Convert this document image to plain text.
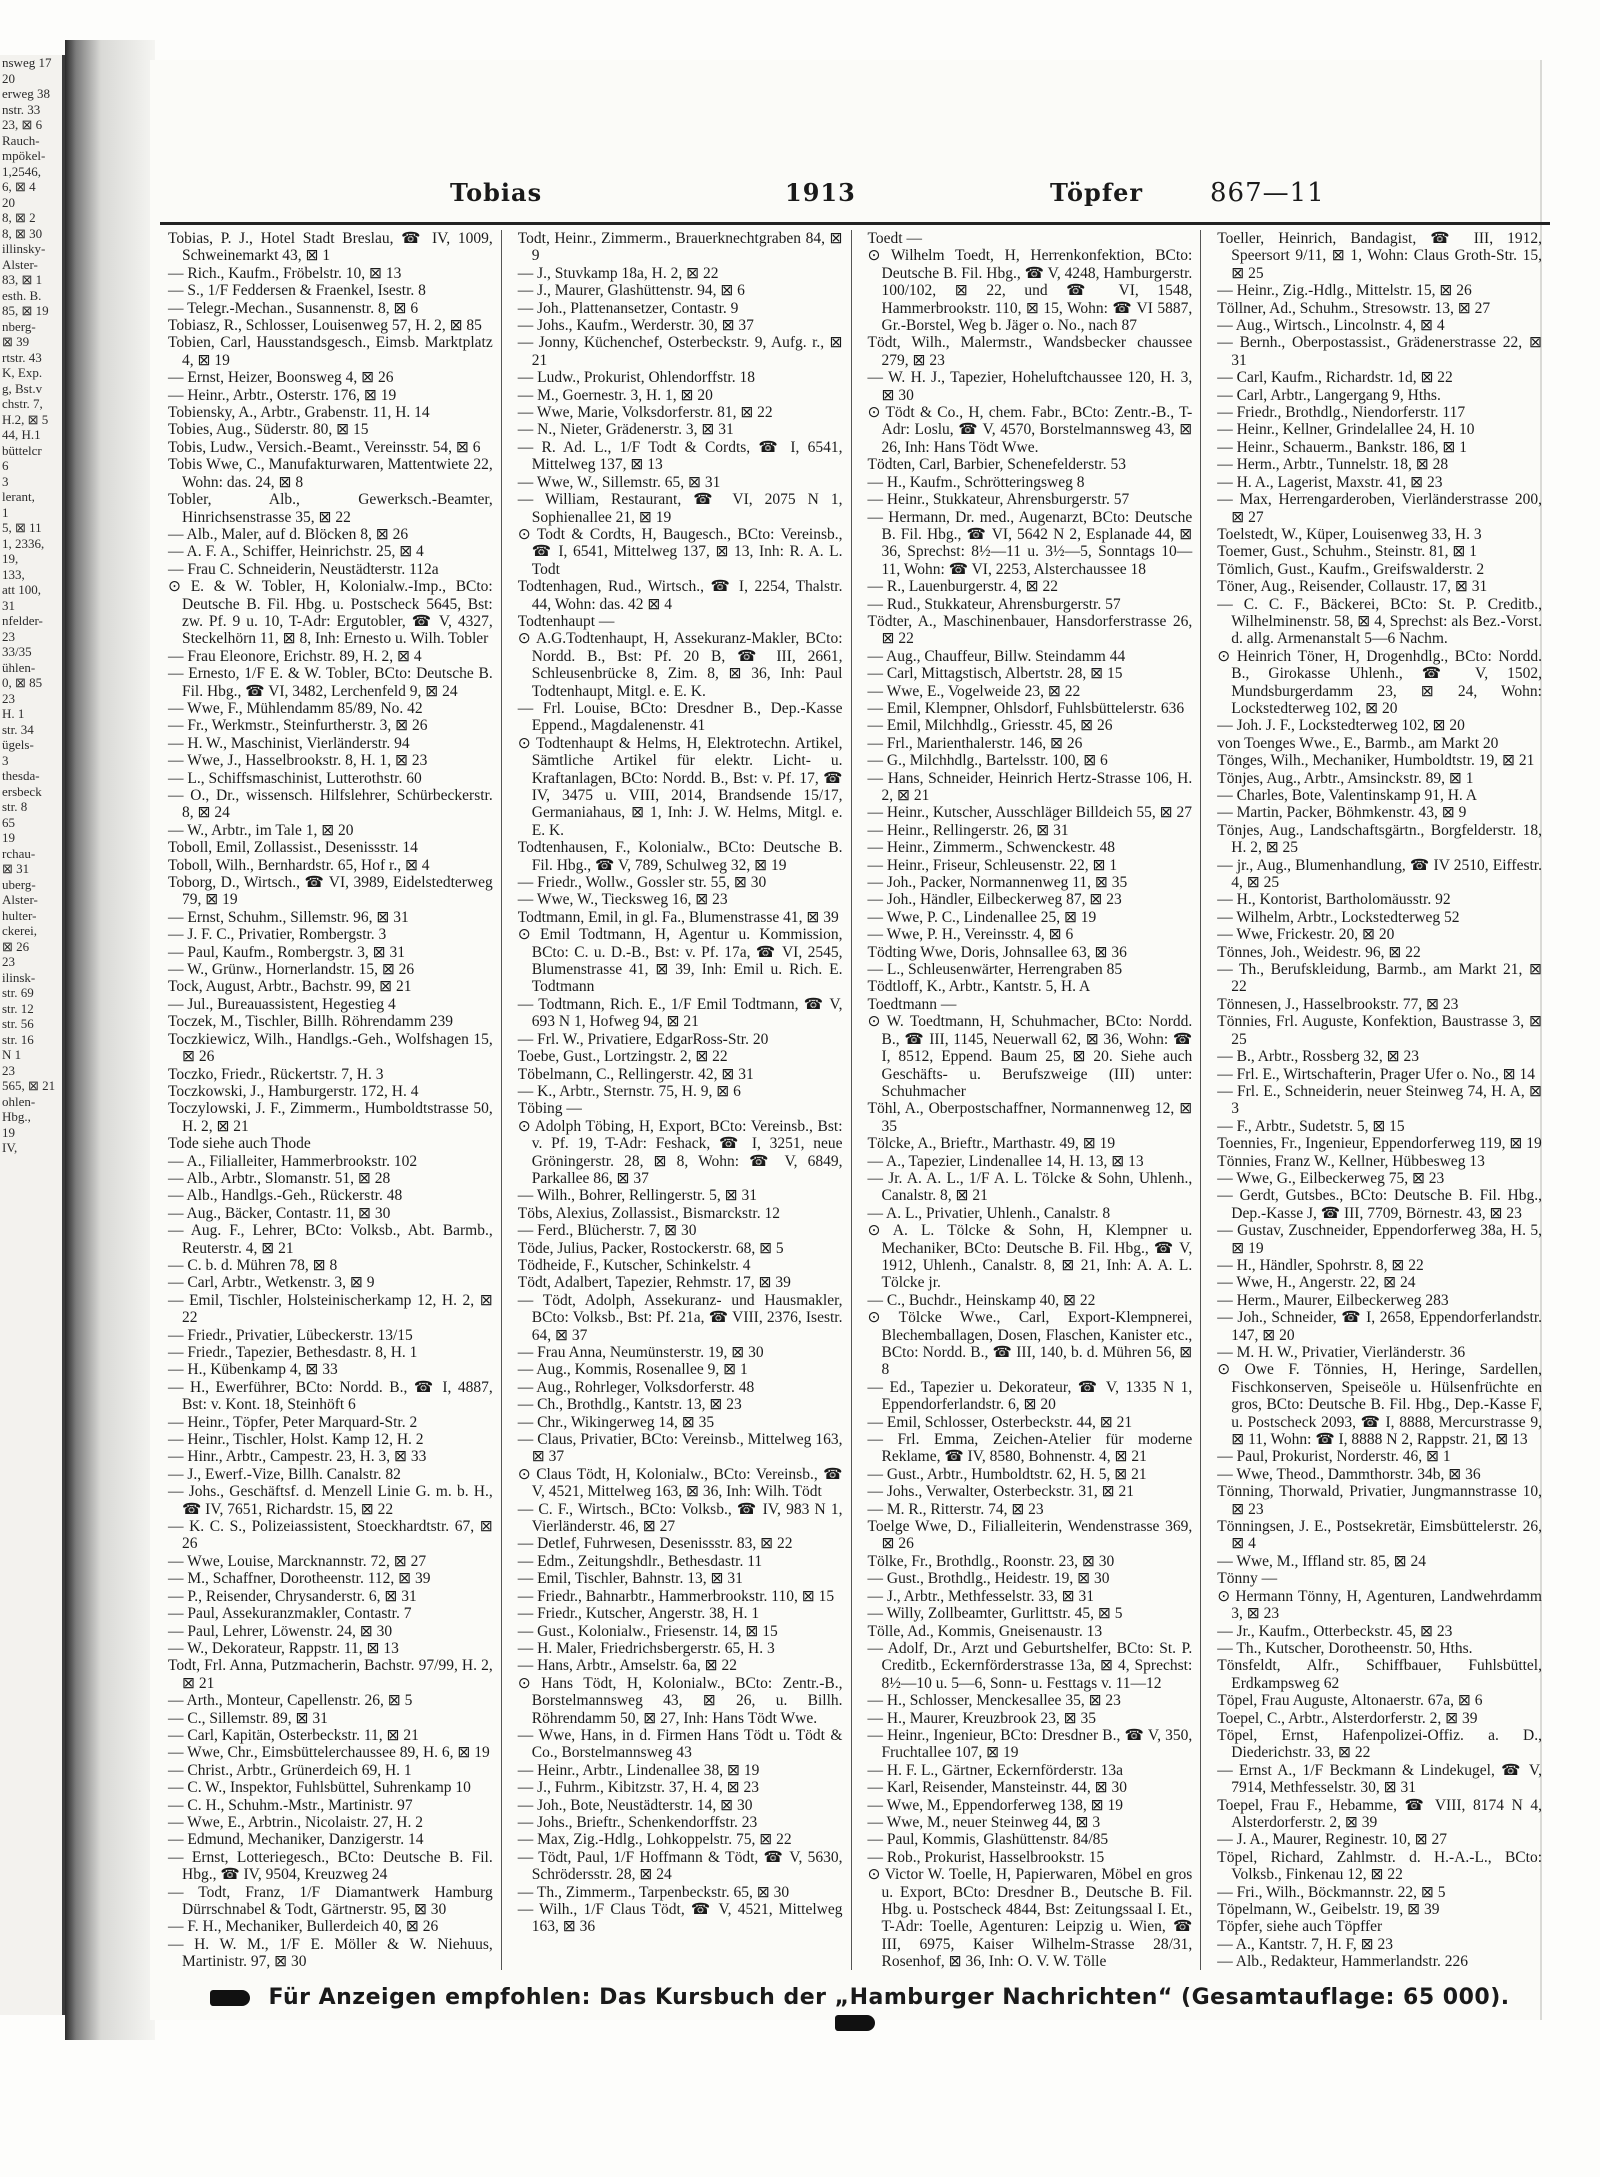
nsweg 17
20
erweg 38
nstr. 33
23, ⊠ 6
Rauch-
mpökel-
1,2546,
6, ⊠ 4
20
8, ⊠ 2
8, ⊠ 30
illinsky-
Alster-
83, ⊠ 1
esth. B.
85, ⊠ 19
nberg-
⊠ 39
rtstr. 43
K, Exp.
g, Bst.v
chstr. 7,
H.2, ⊠ 5
44, H.1
büttelcr
6
3
lerant,
1
5, ⊠ 11
1, 2336,
19,
133,
att 100,
31
nfelder-
23
33/35
ühlen-
0, ⊠ 85
23
H. 1
str. 34
ügels-
3
thesda-
ersbeck
str. 8
65
19
rchau-
⊠ 31
uberg-
Alster-
hulter-
ckerei,
⊠ 26
23
ilinsk-
str. 69
str. 12
str. 56
str. 16
N 1
23
565, ⊠ 21
ohlen-
Hbg.,
19
IV,
Tobias	1913	Töpfer	867—11
Tobias, P. J., Hotel Stadt Breslau, ☎ IV, 1009, Schweinemarkt 43, ⊠ 1
— Rich., Kaufm., Fröbelstr. 10, ⊠ 13
— S., 1/F Feddersen & Fraenkel, Isestr. 8
— Telegr.-Mechan., Susannenstr. 8, ⊠ 6
Tobiasz, R., Schlosser, Louisenweg 57, H. 2, ⊠ 85
Tobien, Carl, Hausstandsgesch., Eimsb. Marktplatz 4, ⊠ 19
— Ernst, Heizer, Boonsweg 4, ⊠ 26
— Heinr., Arbtr., Osterstr. 176, ⊠ 19
Tobiensky, A., Arbtr., Grabenstr. 11, H. 14
Tobies, Aug., Süderstr. 80, ⊠ 15
Tobis, Ludw., Versich.-Beamt., Vereinsstr. 54, ⊠ 6
Tobis Wwe, C., Manufakturwaren, Mattentwiete 22, Wohn: das. 24, ⊠ 8
Tobler, Alb., Gewerksch.-Beamter, Hinrichsenstrasse 35, ⊠ 22
— Alb., Maler, auf d. Blöcken 8, ⊠ 26
— A. F. A., Schiffer, Heinrichstr. 25, ⊠ 4
— Frau C. Schneiderin, Neustädterstr. 112a
⊙ E. & W. Tobler, H, Kolonialw.-Imp., BCto: Deutsche B. Fil. Hbg. u. Postscheck 5645, Bst: zw. Pf. 9 u. 10, T-Adr: Ergutobler, ☎ V, 4327, Steckelhörn 11, ⊠ 8, Inh: Ernesto u. Wilh. Tobler
— Frau Eleonore, Erichstr. 89, H. 2, ⊠ 4
— Ernesto, 1/F E. & W. Tobler, BCto: Deutsche B. Fil. Hbg., ☎ VI, 3482, Lerchenfeld 9, ⊠ 24
— Wwe, F., Mühlendamm 85/89, No. 42
— Fr., Werkmstr., Steinfurtherstr. 3, ⊠ 26
— H. W., Maschinist, Vierländerstr. 94
— Wwe, J., Hasselbrookstr. 8, H. 1, ⊠ 23
— L., Schiffsmaschinist, Lutterothstr. 60
— O., Dr., wissensch. Hilfslehrer, Schürbeckerstr. 8, ⊠ 24
— W., Arbtr., im Tale 1, ⊠ 20
Toboll, Emil, Zollassist., Desenissstr. 14
Toboll, Wilh., Bernhardstr. 65, Hof r., ⊠ 4
Toborg, D., Wirtsch., ☎ VI, 3989, Eidelstedterweg 79, ⊠ 19
— Ernst, Schuhm., Sillemstr. 96, ⊠ 31
— J. F. C., Privatier, Rombergstr. 3
— Paul, Kaufm., Rombergstr. 3, ⊠ 31
— W., Grünw., Hornerlandstr. 15, ⊠ 26
Tock, August, Arbtr., Bachstr. 99, ⊠ 21
— Jul., Bureauassistent, Hegestieg 4
Toczek, M., Tischler, Billh. Röhrendamm 239
Toczkiewicz, Wilh., Handlgs.-Geh., Wolfshagen 15, ⊠ 26
Toczko, Friedr., Rückertstr. 7, H. 3
Toczkowski, J., Hamburgerstr. 172, H. 4
Toczylowski, J. F., Zimmerm., Humboldtstrasse 50, H. 2, ⊠ 21
Tode siehe auch Thode
— A., Filialleiter, Hammerbrookstr. 102
— Alb., Arbtr., Slomanstr. 51, ⊠ 28
— Alb., Handlgs.-Geh., Rückerstr. 48
— Aug., Bäcker, Contastr. 11, ⊠ 30
— Aug. F., Lehrer, BCto: Volksb., Abt. Barmb., Reuterstr. 4, ⊠ 21
— C. b. d. Mühren 78, ⊠ 8
— Carl, Arbtr., Wetkenstr. 3, ⊠ 9
— Emil, Tischler, Holsteinischerkamp 12, H. 2, ⊠ 22
— Friedr., Privatier, Lübeckerstr. 13/15
— Friedr., Tapezier, Bethesdastr. 8, H. 1
— H., Kübenkamp 4, ⊠ 33
— H., Ewerführer, BCto: Nordd. B., ☎ I, 4887, Bst: v. Kont. 18, Steinhöft 6
— Heinr., Töpfer, Peter Marquard-Str. 2
— Heinr., Tischler, Holst. Kamp 12, H. 2
— Hinr., Arbtr., Campestr. 23, H. 3, ⊠ 33
— J., Ewerf.-Vize, Billh. Canalstr. 82
— Johs., Geschäftsf. d. Menzell Linie G. m. b. H., ☎ IV, 7651, Richardstr. 15, ⊠ 22
— K. C. S., Polizeiassistent, Stoeckhardtstr. 67, ⊠ 26
— Wwe, Louise, Marcknannstr. 72, ⊠ 27
— M., Schaffner, Dorotheenstr. 112, ⊠ 39
— P., Reisender, Chrysanderstr. 6, ⊠ 31
— Paul, Assekuranzmakler, Contastr. 7
— Paul, Lehrer, Löwenstr. 24, ⊠ 30
— W., Dekorateur, Rappstr. 11, ⊠ 13
Todt, Frl. Anna, Putzmacherin, Bachstr. 97/99, H. 2, ⊠ 21
— Arth., Monteur, Capellenstr. 26, ⊠ 5
— C., Sillemstr. 89, ⊠ 31
— Carl, Kapitän, Osterbeckstr. 11, ⊠ 21
— Wwe, Chr., Eimsbüttelerchaussee 89, H. 6, ⊠ 19
— Christ., Arbtr., Grünerdeich 69, H. 1
— C. W., Inspektor, Fuhlsbüttel, Suhrenkamp 10
— C. H., Schuhm.-Mstr., Martinistr. 97
— Wwe, E., Arbtrin., Nicolaistr. 27, H. 2
— Edmund, Mechaniker, Danzigerstr. 14
— Ernst, Lotteriegesch., BCto: Deutsche B. Fil. Hbg., ☎ IV, 9504, Kreuzweg 24
— Todt, Franz, 1/F Diamantwerk Hamburg Dürrschnabel & Todt, Gärtnerstr. 95, ⊠ 30
— F. H., Mechaniker, Bullerdeich 40, ⊠ 26
— H. W. M., 1/F E. Möller & W. Niehuus, Martinistr. 97, ⊠ 30
Todt, Heinr., Zimmerm., Brauerknechtgraben 84, ⊠ 9
— J., Stuvkamp 18a, H. 2, ⊠ 22
— J., Maurer, Glashüttenstr. 94, ⊠ 6
— Joh., Plattenansetzer, Contastr. 9
— Johs., Kaufm., Werderstr. 30, ⊠ 37
— Jonny, Küchenchef, Osterbeckstr. 9, Aufg. r., ⊠ 21
— Ludw., Prokurist, Ohlendorffstr. 18
— M., Goernestr. 3, H. 1, ⊠ 20
— Wwe, Marie, Volksdorferstr. 81, ⊠ 22
— N., Nieter, Grädenerstr. 3, ⊠ 31
— R. Ad. L., 1/F Todt & Cordts, ☎ I, 6541, Mittelweg 137, ⊠ 13
— Wwe, W., Sillemstr. 65, ⊠ 31
— William, Restaurant, ☎ VI, 2075 N 1, Sophienallee 21, ⊠ 19
⊙ Todt & Cordts, H, Baugesch., BCto: Vereinsb., ☎ I, 6541, Mittelweg 137, ⊠ 13, Inh: R. A. L. Todt
Todtenhagen, Rud., Wirtsch., ☎ I, 2254, Thalstr. 44, Wohn: das. 42 ⊠ 4
Todtenhaupt —
⊙ A.G.Todtenhaupt, H, Assekuranz-Makler, BCto: Nordd. B., Bst: Pf. 20 B, ☎ III, 2661, Schleusenbrücke 8, Zim. 8, ⊠ 36, Inh: Paul Todtenhaupt, Mitgl. e. E. K.
— Frl. Louise, BCto: Dresdner B., Dep.-Kasse Eppend., Magdalenenstr. 41
⊙ Todtenhaupt & Helms, H, Elektrotechn. Artikel, Sämtliche Artikel für elektr. Licht- u. Kraftanlagen, BCto: Nordd. B., Bst: v. Pf. 17, ☎ IV, 3475 u. VIII, 2014, Brandsende 15/17, Germaniahaus, ⊠ 1, Inh: J. W. Helms, Mitgl. e. E. K.
Todtenhausen, F., Kolonialw., BCto: Deutsche B. Fil. Hbg., ☎ V, 789, Schulweg 32, ⊠ 19
— Friedr., Wollw., Gossler str. 55, ⊠ 30
— Wwe, W., Tiecksweg 16, ⊠ 23
Todtmann, Emil, in gl. Fa., Blumenstrasse 41, ⊠ 39
⊙ Emil Todtmann, H, Agentur u. Kommission, BCto: C. u. D.-B., Bst: v. Pf. 17a, ☎ VI, 2545, Blumenstrasse 41, ⊠ 39, Inh: Emil u. Rich. E. Todtmann
— Todtmann, Rich. E., 1/F Emil Todtmann, ☎ V, 693 N 1, Hofweg 94, ⊠ 21
— Frl. W., Privatiere, EdgarRoss-Str. 20
Toebe, Gust., Lortzingstr. 2, ⊠ 22
Töbelmann, C., Rellingerstr. 42, ⊠ 31
— K., Arbtr., Sternstr. 75, H. 9, ⊠ 6
Töbing —
⊙ Adolph Töbing, H, Export, BCto: Vereinsb., Bst: v. Pf. 19, T-Adr: Feshack, ☎ I, 3251, neue Gröningerstr. 28, ⊠ 8, Wohn: ☎ V, 6849, Parkallee 86, ⊠ 37
— Wilh., Bohrer, Rellingerstr. 5, ⊠ 31
Töbs, Alexius, Zollassist., Bismarckstr. 12
— Ferd., Blücherstr. 7, ⊠ 30
Töde, Julius, Packer, Rostockerstr. 68, ⊠ 5
Tödheide, F., Kutscher, Schinkelstr. 4
Tödt, Adalbert, Tapezier, Rehmstr. 17, ⊠ 39
— Tödt, Adolph, Assekuranz- und Hausmakler, BCto: Volksb., Bst: Pf. 21a, ☎ VIII, 2376, Isestr. 64, ⊠ 37
— Frau Anna, Neumünsterstr. 19, ⊠ 30
— Aug., Kommis, Rosenallee 9, ⊠ 1
— Aug., Rohrleger, Volksdorferstr. 48
— Ch., Brothdlg., Kantstr. 13, ⊠ 23
— Chr., Wikingerweg 14, ⊠ 35
— Claus, Privatier, BCto: Vereinsb., Mittelweg 163, ⊠ 37
⊙ Claus Tödt, H, Kolonialw., BCto: Vereinsb., ☎ V, 4521, Mittelweg 163, ⊠ 36, Inh: Wilh. Tödt
— C. F., Wirtsch., BCto: Volksb., ☎ IV, 983 N 1, Vierländerstr. 46, ⊠ 27
— Detlef, Fuhrwesen, Desenissstr. 83, ⊠ 22
— Edm., Zeitungshdlr., Bethesdastr. 11
— Emil, Tischler, Bahnstr. 13, ⊠ 31
— Friedr., Bahnarbtr., Hammerbrookstr. 110, ⊠ 15
— Friedr., Kutscher, Angerstr. 38, H. 1
— Gust., Kolonialw., Friesenstr. 14, ⊠ 15
— H. Maler, Friedrichsbergerstr. 65, H. 3
— Hans, Arbtr., Amselstr. 6a, ⊠ 22
⊙ Hans Tödt, H, Kolonialw., BCto: Zentr.-B., Borstelmannsweg 43, ⊠ 26, u. Billh. Röhrendamm 50, ⊠ 27, Inh: Hans Tödt Wwe.
— Wwe, Hans, in d. Firmen Hans Tödt u. Tödt & Co., Borstelmannsweg 43
— Heinr., Arbtr., Lindenallee 38, ⊠ 19
— J., Fuhrm., Kibitzstr. 37, H. 4, ⊠ 23
— Joh., Bote, Neustädterstr. 14, ⊠ 30
— Johs., Brieftr., Schenkendorffstr. 23
— Max, Zig.-Hdlg., Lohkoppelstr. 75, ⊠ 22
— Tödt, Paul, 1/F Hoffmann & Tödt, ☎ V, 5630, Schrödersstr. 28, ⊠ 24
— Th., Zimmerm., Tarpenbeckstr. 65, ⊠ 30
— Wilh., 1/F Claus Tödt, ☎ V, 4521, Mittelweg 163, ⊠ 36
Toedt —
⊙ Wilhelm Toedt, H, Herrenkonfektion, BCto: Deutsche B. Fil. Hbg., ☎ V, 4248, Hamburgerstr. 100/102, ⊠ 22, und ☎ VI, 1548, Hammerbrookstr. 110, ⊠ 15, Wohn: ☎ VI 5887, Gr.-Borstel, Weg b. Jäger o. No., nach 87
Tödt, Wilh., Malermstr., Wandsbecker chaussee 279, ⊠ 23
— W. H. J., Tapezier, Hoheluftchaussee 120, H. 3, ⊠ 30
⊙ Tödt & Co., H, chem. Fabr., BCto: Zentr.-B., T-Adr: Loslu, ☎ V, 4570, Borstelmannsweg 43, ⊠ 26, Inh: Hans Tödt Wwe.
Tödten, Carl, Barbier, Schenefelderstr. 53
— H., Kaufm., Schrötteringsweg 8
— Heinr., Stukkateur, Ahrensburgerstr. 57
— Hermann, Dr. med., Augenarzt, BCto: Deutsche B. Fil. Hbg., ☎ VI, 5642 N 2, Esplanade 44, ⊠ 36, Sprechst: 8½—11 u. 3½—5, Sonntags 10—11, Wohn: ☎ VI, 2253, Alsterchaussee 18
— R., Lauenburgerstr. 4, ⊠ 22
— Rud., Stukkateur, Ahrensburgerstr. 57
Tödter, A., Maschinenbauer, Hansdorferstrasse 26, ⊠ 22
— Aug., Chauffeur, Billw. Steindamm 44
— Carl, Mittagstisch, Albertstr. 28, ⊠ 15
— Wwe, E., Vogelweide 23, ⊠ 22
— Emil, Klempner, Ohlsdorf, Fuhlsbüttelerstr. 636
— Emil, Milchhdlg., Griesstr. 45, ⊠ 26
— Frl., Marienthalerstr. 146, ⊠ 26
— G., Milchhdlg., Bartelsstr. 100, ⊠ 6
— Hans, Schneider, Heinrich Hertz-Strasse 106, H. 2, ⊠ 21
— Heinr., Kutscher, Ausschläger Billdeich 55, ⊠ 27
— Heinr., Rellingerstr. 26, ⊠ 31
— Heinr., Zimmerm., Schwenckestr. 48
— Heinr., Friseur, Schleusenstr. 22, ⊠ 1
— Joh., Packer, Normannenweg 11, ⊠ 35
— Joh., Händler, Eilbeckerweg 87, ⊠ 23
— Wwe, P. C., Lindenallee 25, ⊠ 19
— Wwe, P. H., Vereinsstr. 4, ⊠ 6
Tödting Wwe, Doris, Johnsallee 63, ⊠ 36
— L., Schleusenwärter, Herrengraben 85
Tödtloff, K., Arbtr., Kantstr. 5, H. A
Toedtmann —
⊙ W. Toedtmann, H, Schuhmacher, BCto: Nordd. B., ☎ III, 1145, Neuerwall 62, ⊠ 36, Wohn: ☎ I, 8512, Eppend. Baum 25, ⊠ 20. Siehe auch Geschäfts- u. Berufszweige (III) unter: Schuhmacher
Töhl, A., Oberpostschaffner, Normannenweg 12, ⊠ 35
Tölcke, A., Brieftr., Marthastr. 49, ⊠ 19
— A., Tapezier, Lindenallee 14, H. 13, ⊠ 13
— Jr. A. A. L., 1/F A. L. Tölcke & Sohn, Uhlenh., Canalstr. 8, ⊠ 21
— A. L., Privatier, Uhlenh., Canalstr. 8
⊙ A. L. Tölcke & Sohn, H, Klempner u. Mechaniker, BCto: Deutsche B. Fil. Hbg., ☎ V, 1912, Uhlenh., Canalstr. 8, ⊠ 21, Inh: A. A. L. Tölcke jr.
— C., Buchdr., Heinskamp 40, ⊠ 22
⊙ Tölcke Wwe., Carl, Export-Klempnerei, Blechemballagen, Dosen, Flaschen, Kanister etc., BCto: Nordd. B., ☎ III, 140, b. d. Mühren 56, ⊠ 8
— Ed., Tapezier u. Dekorateur, ☎ V, 1335 N 1, Eppendorferlandstr. 6, ⊠ 20
— Emil, Schlosser, Osterbeckstr. 44, ⊠ 21
— Frl. Emma, Zeichen-Atelier für moderne Reklame, ☎ IV, 8580, Bohnenstr. 4, ⊠ 21
— Gust., Arbtr., Humboldtstr. 62, H. 5, ⊠ 21
— Johs., Verwalter, Osterbeckstr. 31, ⊠ 21
— M. R., Ritterstr. 74, ⊠ 23
Toelge Wwe, D., Filialleiterin, Wendenstrasse 369, ⊠ 26
Tölke, Fr., Brothdlg., Roonstr. 23, ⊠ 30
— Gust., Brothdlg., Heidestr. 19, ⊠ 30
— J., Arbtr., Methfesselstr. 33, ⊠ 31
— Willy, Zollbeamter, Gurlittstr. 45, ⊠ 5
Tölle, Ad., Kommis, Gneisenaustr. 13
— Adolf, Dr., Arzt und Geburtshelfer, BCto: St. P. Creditb., Eckernförderstrasse 13a, ⊠ 4, Sprechst: 8½—10 u. 5—6, Sonn- u. Festtags v. 11—12
— H., Schlosser, Menckesallee 35, ⊠ 23
— H., Maurer, Kreuzbrook 23, ⊠ 35
— Heinr., Ingenieur, BCto: Dresdner B., ☎ V, 350, Fruchtallee 107, ⊠ 19
— H. F. L., Gärtner, Eckernförderstr. 13a
— Karl, Reisender, Mansteinstr. 44, ⊠ 30
— Wwe, M., Eppendorferweg 138, ⊠ 19
— Wwe, M., neuer Steinweg 44, ⊠ 3
— Paul, Kommis, Glashüttenstr. 84/85
— Rob., Prokurist, Hasselbrookstr. 15
⊙ Victor W. Toelle, H, Papierwaren, Möbel en gros u. Export, BCto: Dresdner B., Deutsche B. Fil. Hbg. u. Postscheck 4844, Bst: Zeitungssaal I. Et., T-Adr: Toelle, Agenturen: Leipzig u. Wien, ☎ III, 6975, Kaiser Wilhelm-Strasse 28/31, Rosenhof, ⊠ 36, Inh: O. V. W. Tölle
Toeller, Heinrich, Bandagist, ☎ III, 1912, Speersort 9/11, ⊠ 1, Wohn: Claus Groth-Str. 15, ⊠ 25
— Heinr., Zig.-Hdlg., Mittelstr. 15, ⊠ 26
Töllner, Ad., Schuhm., Stresowstr. 13, ⊠ 27
— Aug., Wirtsch., Lincolnstr. 4, ⊠ 4
— Bernh., Oberpostassist., Grädenerstrasse 22, ⊠ 31
— Carl, Kaufm., Richardstr. 1d, ⊠ 22
— Carl, Arbtr., Langergang 9, Hths.
— Friedr., Brothdlg., Niendorferstr. 117
— Heinr., Kellner, Grindelallee 24, H. 10
— Heinr., Schauerm., Bankstr. 186, ⊠ 1
— Herm., Arbtr., Tunnelstr. 18, ⊠ 28
— H. A., Lagerist, Maxstr. 41, ⊠ 23
— Max, Herrengarderoben, Vierländerstrasse 200, ⊠ 27
Toelstedt, W., Küper, Louisenweg 33, H. 3
Toemer, Gust., Schuhm., Steinstr. 81, ⊠ 1
Tömlich, Gust., Kaufm., Greifswalderstr. 2
Töner, Aug., Reisender, Collaustr. 17, ⊠ 31
— C. C. F., Bäckerei, BCto: St. P. Creditb., Wilhelminenstr. 58, ⊠ 4, Sprechst: als Bez.-Vorst. d. allg. Armenanstalt 5—6 Nachm.
⊙ Heinrich Töner, H, Drogenhdlg., BCto: Nordd. B., Girokasse Uhlenh., ☎ V, 1502, Mundsburgerdamm 23, ⊠ 24, Wohn: Lockstedterweg 102, ⊠ 20
— Joh. J. F., Lockstedterweg 102, ⊠ 20
von Toenges Wwe., E., Barmb., am Markt 20
Tönges, Wilh., Mechaniker, Humboldtstr. 19, ⊠ 21
Tönjes, Aug., Arbtr., Amsinckstr. 89, ⊠ 1
— Charles, Bote, Valentinskamp 91, H. A
— Martin, Packer, Böhmkenstr. 43, ⊠ 9
Tönjes, Aug., Landschaftsgärtn., Borgfelderstr. 18, H. 2, ⊠ 25
— jr., Aug., Blumenhandlung, ☎ IV 2510, Eiffestr. 4, ⊠ 25
— H., Kontorist, Bartholomäusstr. 92
— Wilhelm, Arbtr., Lockstedterweg 52
— Wwe, Frickestr. 20, ⊠ 20
Tönnes, Joh., Weidestr. 96, ⊠ 22
— Th., Berufskleidung, Barmb., am Markt 21, ⊠ 22
Tönnesen, J., Hasselbrookstr. 77, ⊠ 23
Tönnies, Frl. Auguste, Konfektion, Baustrasse 3, ⊠ 25
— B., Arbtr., Rossberg 32, ⊠ 23
— Frl. E., Wirtschafterin, Prager Ufer o. No., ⊠ 14
— Frl. E., Schneiderin, neuer Steinweg 74, H. A, ⊠ 3
— F., Arbtr., Sudetstr. 5, ⊠ 15
Toennies, Fr., Ingenieur, Eppendorferweg 119, ⊠ 19
Tönnies, Franz W., Kellner, Hübbesweg 13
— Wwe, G., Eilbeckerweg 75, ⊠ 23
— Gerdt, Gutsbes., BCto: Deutsche B. Fil. Hbg., Dep.-Kasse J, ☎ III, 7709, Börnestr. 43, ⊠ 23
— Gustav, Zuschneider, Eppendorferweg 38a, H. 5, ⊠ 19
— H., Händler, Spohrstr. 8, ⊠ 22
— Wwe, H., Angerstr. 22, ⊠ 24
— Herm., Maurer, Eilbeckerweg 283
— Joh., Schneider, ☎ I, 2658, Eppendorferlandstr. 147, ⊠ 20
— M. H. W., Privatier, Vierländerstr. 36
⊙ Owe F. Tönnies, H, Heringe, Sardellen, Fischkonserven, Speiseöle u. Hülsenfrüchte en gros, BCto: Deutsche B. Fil. Hbg., Dep.-Kasse F, u. Postscheck 2093, ☎ I, 8888, Mercurstrasse 9, ⊠ 11, Wohn: ☎ I, 8888 N 2, Rappstr. 21, ⊠ 13
— Paul, Prokurist, Norderstr. 46, ⊠ 1
— Wwe, Theod., Dammthorstr. 34b, ⊠ 36
Tönning, Thorwald, Privatier, Jungmannstrasse 10, ⊠ 23
Tönningsen, J. E., Postsekretär, Eimsbüttelerstr. 26, ⊠ 4
— Wwe, M., Iffland str. 85, ⊠ 24
Tönny —
⊙ Hermann Tönny, H, Agenturen, Landwehrdamm 3, ⊠ 23
— Jr., Kaufm., Otterbeckstr. 45, ⊠ 23
— Th., Kutscher, Dorotheenstr. 50, Hths.
Tönsfeldt, Alfr., Schiffbauer, Fuhlsbüttel, Erdkampsweg 62
Töpel, Frau Auguste, Altonaerstr. 67a, ⊠ 6
Toepel, C., Arbtr., Alsterdorferstr. 2, ⊠ 39
Töpel, Ernst, Hafenpolizei-Offiz. a. D., Diederichstr. 33, ⊠ 22
— Ernst A., 1/F Beckmann & Lindekugel, ☎ V, 7914, Methfesselstr. 30, ⊠ 31
Toepel, Frau F., Hebamme, ☎ VIII, 8174 N 4, Alsterdorferstr. 2, ⊠ 39
— J. A., Maurer, Reginestr. 10, ⊠ 27
Töpel, Richard, Zahlmstr. d. H.-A.-L., BCto: Volksb., Finkenau 12, ⊠ 22
— Fri., Wilh., Böckmannstr. 22, ⊠ 5
Töpelmann, W., Geibelstr. 19, ⊠ 39
Töpfer, siehe auch Töpffer
— A., Kantstr. 7, H. F, ⊠ 23
— Alb., Redakteur, Hammerlandstr. 226
Für Anzeigen empfohlen: Das Kursbuch der „Hamburger Nachrichten“ (Gesamtauflage: 65 000).
